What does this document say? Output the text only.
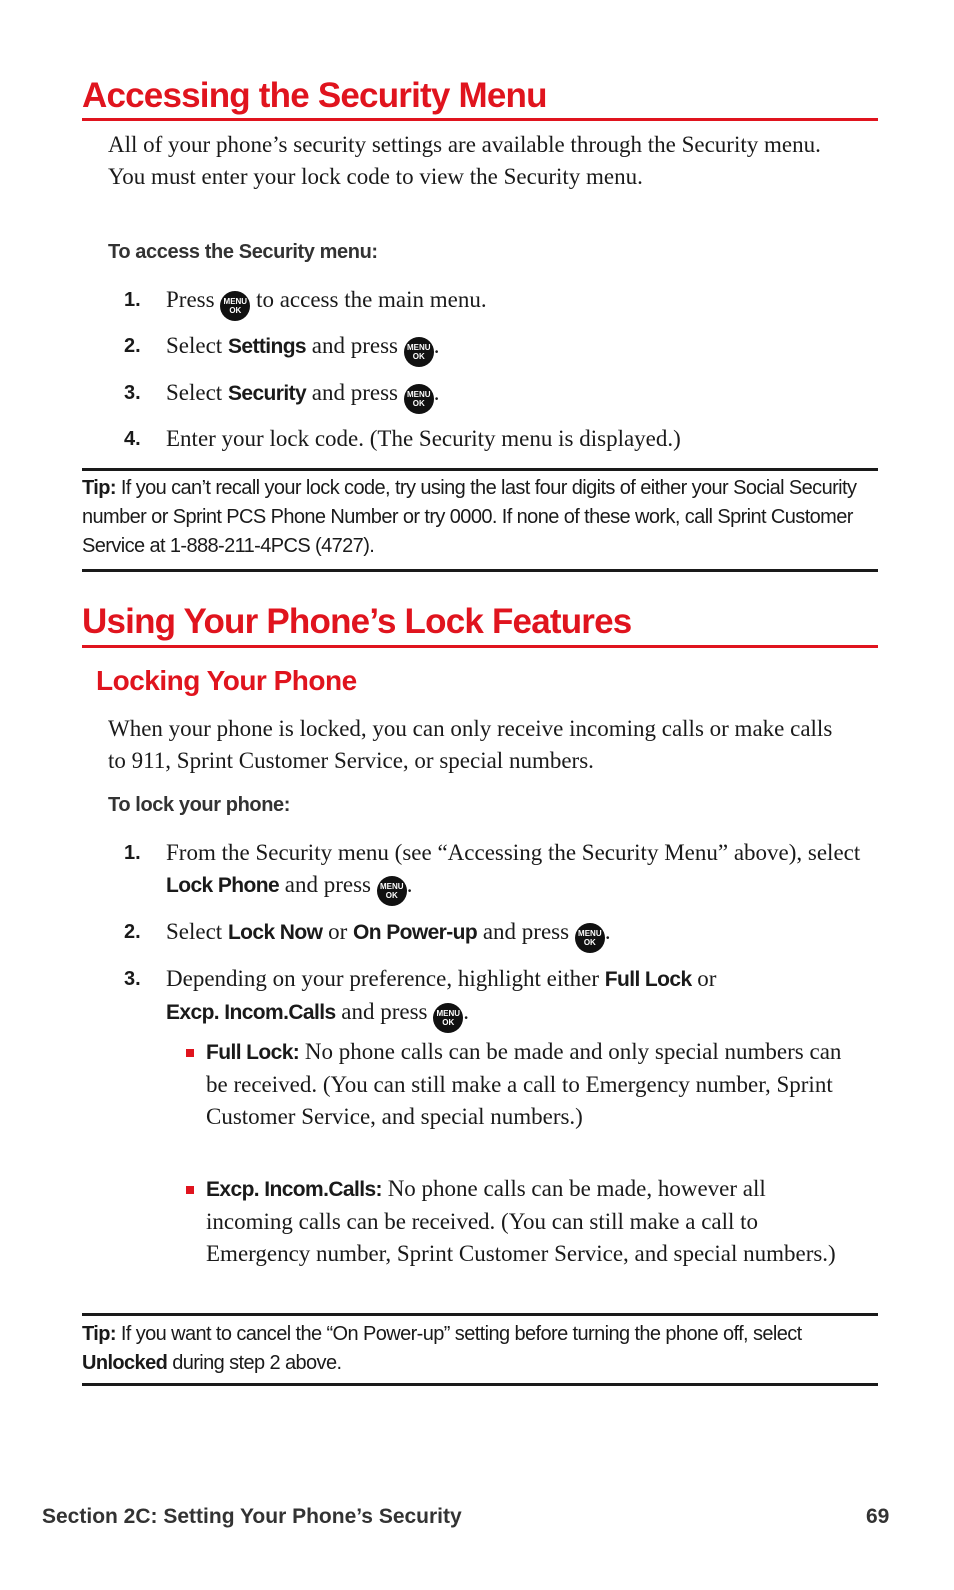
Accessing the Security Menu
All of your phone’s security settings are available through the Security menu. You must enter your lock code to view the Security menu.
To access the Security menu:
1.	Press MENU
OK to access the main menu.
2.	Select Settings and press MENU
OK .
3.	Select Security and press MENU
OK .
4.	Enter your lock code. (The Security menu is displayed.)
Tip: If you can’t recall your lock code, try using the last four digits of either your Social Security number or Sprint PCS Phone Number or try 0000. If none of these work, call Sprint Customer Service at 1-888-211-4PCS (4727).
Using Your Phone’s Lock Features
Locking Your Phone
When your phone is locked, you can only receive incoming calls or make calls to 911, Sprint Customer Service, or special numbers.
To lock your phone:
1.	From the Security menu (see “Accessing the Security Menu” above), select Lock Phone and press MENU
OK .
2.	Select Lock Now or On Power-up and press MENU
OK .
3.	Depending on your preference, highlight either Full Lock or
Excp. Incom.Calls and press MENU
OK .
Full Lock: No phone calls can be made and only special numbers can be received. (You can still make a call to Emergency number, Sprint Customer Service, and special numbers.)
Excp. Incom.Calls: No phone calls can be made, however all incoming calls can be received. (You can still make a call to Emergency number, Sprint Customer Service, and special numbers.)
Tip: If you want to cancel the “On Power-up” setting before turning the phone off, select Unlocked during step 2 above.
Section 2C: Setting Your Phone’s Security	69
